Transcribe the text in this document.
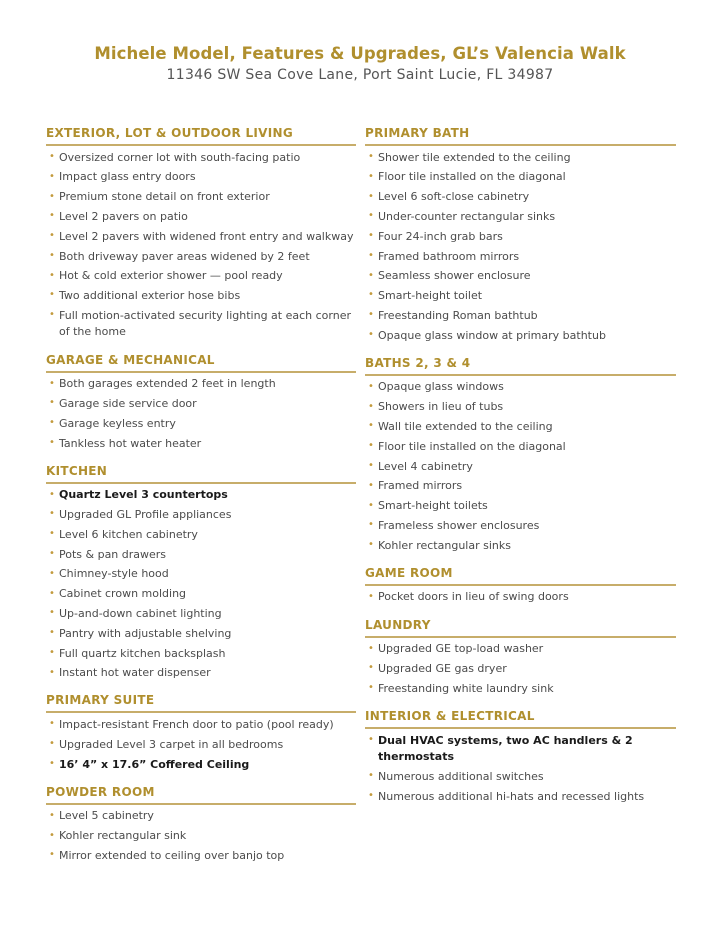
Michele Model, Features & Upgrades, GL’s Valencia Walk
11346 SW Sea Cove Lane, Port Saint Lucie, FL 34987
EXTERIOR, LOT & OUTDOOR LIVING
• Oversized corner lot with south-facing patio
• Impact glass entry doors
• Premium stone detail on front exterior
• Level 2 pavers on patio
• Level 2 pavers with widened front entry and walkway
• Both driveway paver areas widened by 2 feet
• Hot & cold exterior shower — pool ready
• Two additional exterior hose bibs
• Full motion-activated security lighting at each corner of the home
GARAGE & MECHANICAL
• Both garages extended 2 feet in length
• Garage side service door
• Garage keyless entry
• Tankless hot water heater
KITCHEN
• Quartz Level 3 countertops
• Upgraded GL Profile appliances
• Level 6 kitchen cabinetry
• Pots & pan drawers
• Chimney-style hood
• Cabinet crown molding
• Up-and-down cabinet lighting
• Pantry with adjustable shelving
• Full quartz kitchen backsplash
• Instant hot water dispenser
PRIMARY SUITE
• Impact-resistant French door to patio (pool ready)
• Upgraded Level 3 carpet in all bedrooms
• 16’ 4” x 17.6” Coffered Ceiling
POWDER ROOM
• Level 5 cabinetry
• Kohler rectangular sink
• Mirror extended to ceiling over banjo top
PRIMARY BATH
• Shower tile extended to the ceiling
• Floor tile installed on the diagonal
• Level 6 soft-close cabinetry
• Under-counter rectangular sinks
• Four 24-inch grab bars
• Framed bathroom mirrors
• Seamless shower enclosure
• Smart-height toilet
• Freestanding Roman bathtub
• Opaque glass window at primary bathtub
BATHS 2, 3 & 4
• Opaque glass windows
• Showers in lieu of tubs
• Wall tile extended to the ceiling
• Floor tile installed on the diagonal
• Level 4 cabinetry
• Framed mirrors
• Smart-height toilets
• Frameless shower enclosures
• Kohler rectangular sinks
GAME ROOM
• Pocket doors in lieu of swing doors
LAUNDRY
• Upgraded GE top-load washer
• Upgraded GE gas dryer
• Freestanding white laundry sink
INTERIOR & ELECTRICAL
• Dual HVAC systems, two AC handlers & 2 thermostats
• Numerous additional switches
• Numerous additional hi-hats and recessed lights
